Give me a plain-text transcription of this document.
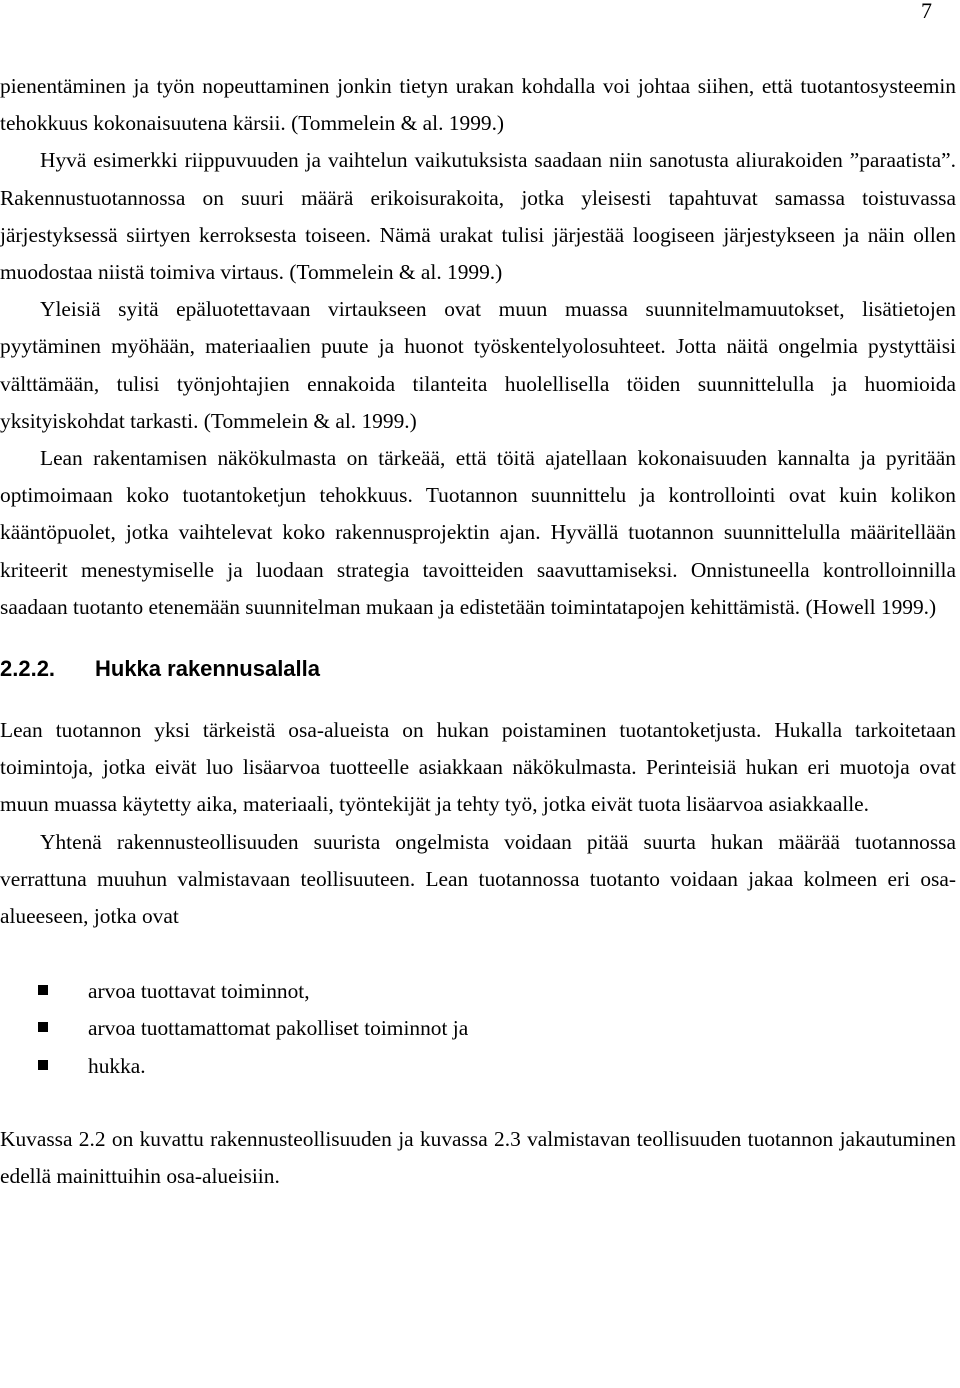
7

pienentäminen ja työn nopeuttaminen jonkin tietyn urakan kohdalla voi johtaa siihen, että tuotantosysteemin tehokkuus kokonaisuutena kärsii. (Tommelein & al. 1999.)

Hyvä esimerkki riippuvuuden ja vaihtelun vaikutuksista saadaan niin sanotusta aliurakoiden ”paraatista”. Rakennustuotannossa on suuri määrä erikoisurakoita, jotka yleisesti tapahtuvat samassa toistuvassa järjestyksessä siirtyen kerroksesta toiseen. Nämä urakat tulisi järjestää loogiseen järjestykseen ja näin ollen muodostaa niistä toimiva virtaus. (Tommelein & al. 1999.)

Yleisiä syitä epäluotettavaan virtaukseen ovat muun muassa suunnitelmamuutokset, lisätietojen pyytäminen myöhään, materiaalien puute ja huonot työskentelyolosuhteet. Jotta näitä ongelmia pystyttäisi välttämään, tulisi työnjohtajien ennakoida tilanteita huolellisella töiden suunnittelulla ja huomioida yksityiskohdat tarkasti. (Tommelein & al. 1999.)

Lean rakentamisen näkökulmasta on tärkeää, että töitä ajatellaan kokonaisuuden kannalta ja pyritään optimoimaan koko tuotantoketjun tehokkuus. Tuotannon suunnittelu ja kontrollointi ovat kuin kolikon kääntöpuolet, jotka vaihtelevat koko rakennusprojektin ajan. Hyvällä tuotannon suunnittelulla määritellään kriteerit menestymiselle ja luodaan strategia tavoitteiden saavuttamiseksi. Onnistuneella kontrolloinnilla saadaan tuotanto etenemään suunnitelman mukaan ja edistetään toimintatapojen kehittämistä. (Howell 1999.)

2.2.2.	Hukka rakennusalalla

Lean tuotannon yksi tärkeistä osa-alueista on hukan poistaminen tuotantoketjusta. Hukalla tarkoitetaan toimintoja, jotka eivät luo lisäarvoa tuotteelle asiakkaan näkökulmasta. Perinteisiä hukan eri muotoja ovat muun muassa käytetty aika, materiaali, työntekijät ja tehty työ, jotka eivät tuota lisäarvoa asiakkaalle.

Yhtenä rakennusteollisuuden suurista ongelmista voidaan pitää suurta hukan määrää tuotannossa verrattuna muuhun valmistavaan teollisuuteen. Lean tuotannossa tuotanto voidaan jakaa kolmeen eri osa-alueeseen, jotka ovat

arvoa tuottavat toiminnot,
arvoa tuottamattomat pakolliset toiminnot ja
hukka.

Kuvassa 2.2 on kuvattu rakennusteollisuuden ja kuvassa 2.3 valmistavan teollisuuden tuotannon jakautuminen edellä mainittuihin osa-alueisiin.
